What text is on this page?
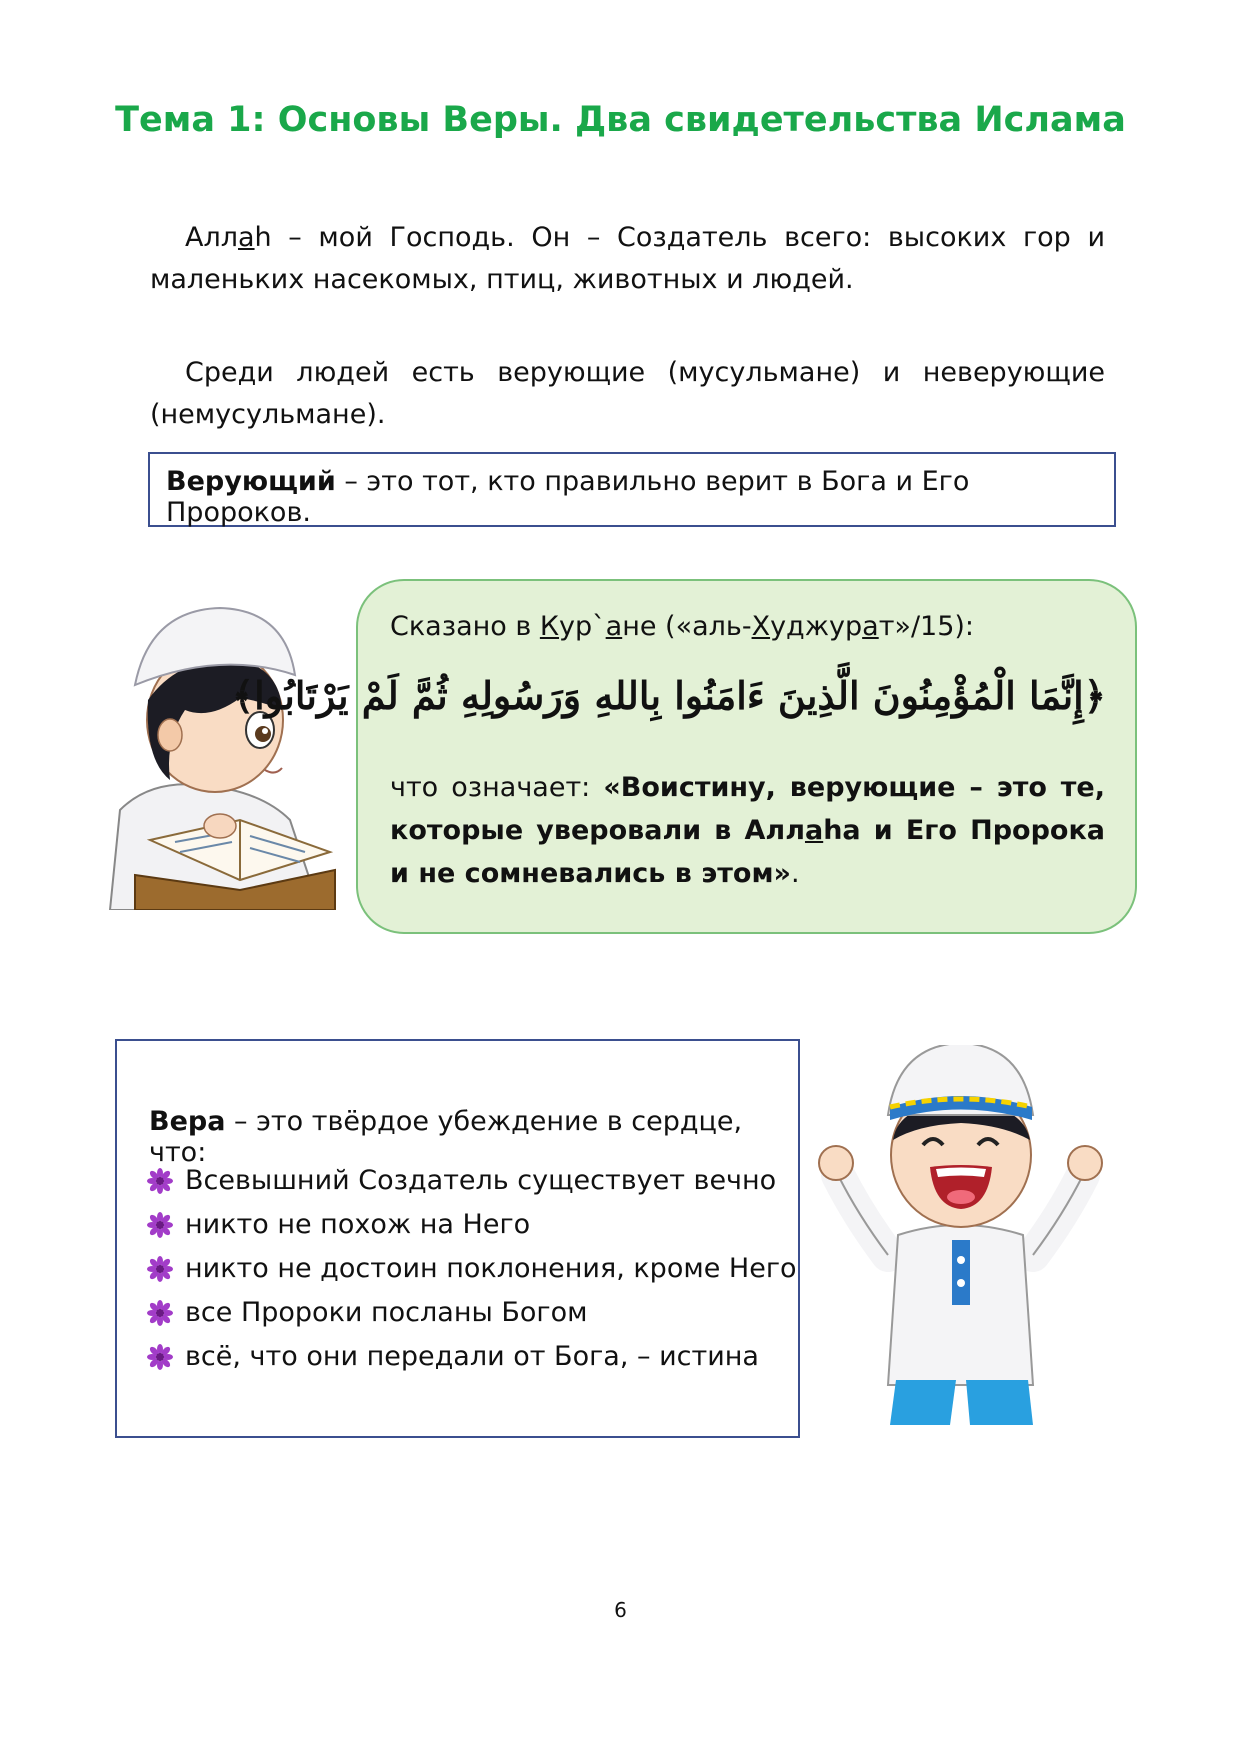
Тема 1: Основы Веры. Два свидетельства Ислама
Аллаh – мой Господь. Он – Создатель всего: высоких гор и маленьких насекомых, птиц, животных и людей.
Среди людей есть верующие (мусульмане) и неверующие (немусульмане).
Верующий – это тот, кто правильно верит в Бога и Его Пророков.
Сказано в Кур`ане («аль-Худжурат»/15):
﴿إِنَّمَا الْمُؤْمِنُونَ الَّذِينَ ءَامَنُوا بِاللهِ وَرَسُولِهِ ثُمَّ لَمْ يَرْتَابُوا﴾
что означает: «Воистину, верующие – это те, которые уверовали в Аллаhа и Его Пророка и не сомневались в этом».
Вера – это твёрдое убеждение в сердце, что:
Всевышний Создатель существует вечно
никто не похож на Него
никто не достоин поклонения, кроме Него
все Пророки посланы Богом
всё, что они передали от Бога, – истина
6
